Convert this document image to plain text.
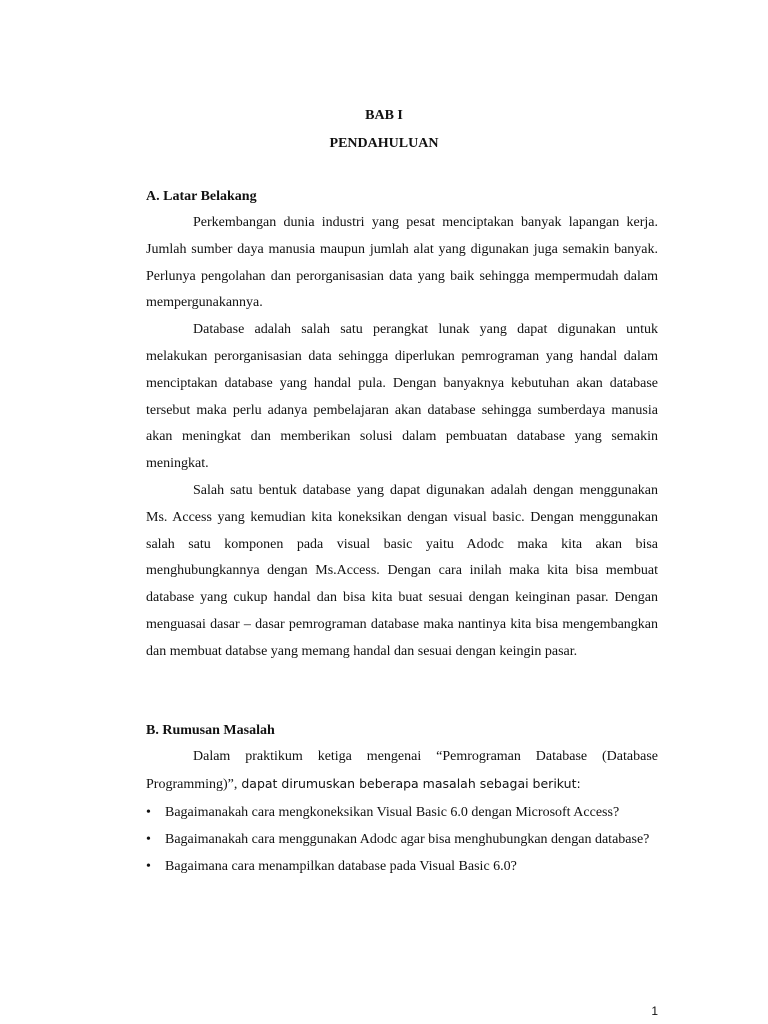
BAB I
PENDAHULUAN
A. Latar Belakang

Perkembangan dunia industri yang pesat menciptakan banyak lapangan kerja. Jumlah sumber daya manusia maupun jumlah alat yang digunakan juga semakin banyak. Perlunya pengolahan dan perorganisasian data yang baik sehingga mempermudah dalam mempergunakannya.

Database adalah salah satu perangkat lunak yang dapat digunakan untuk melakukan perorganisasian data sehingga diperlukan pemrograman yang handal dalam menciptakan database yang handal pula. Dengan banyaknya kebutuhan akan database tersebut maka perlu adanya pembelajaran akan database sehingga sumberdaya manusia akan meningkat dan memberikan solusi dalam pembuatan database yang semakin meningkat.

Salah satu bentuk database yang dapat digunakan adalah dengan menggunakan Ms. Access yang kemudian kita koneksikan dengan visual basic. Dengan menggunakan salah satu komponen pada visual basic yaitu Adodc maka kita akan bisa menghubungkannya dengan Ms.Access. Dengan cara inilah maka kita bisa membuat database yang cukup handal dan bisa kita buat sesuai dengan keinginan pasar. Dengan menguasai dasar – dasar pemrograman database maka nantinya kita bisa mengembangkan dan membuat databse yang memang handal dan sesuai dengan keingin pasar.

B. Rumusan Masalah

Dalam praktikum ketiga mengenai “Pemrograman Database (Database Programming)”, dapat dirumuskan beberapa masalah sebagai berikut:

• Bagaimanakah cara mengkoneksikan Visual Basic 6.0 dengan Microsoft Access?
• Bagaimanakah cara menggunakan Adodc agar bisa menghubungkan dengan database?
• Bagaimana cara menampilkan database pada Visual Basic 6.0?
1
